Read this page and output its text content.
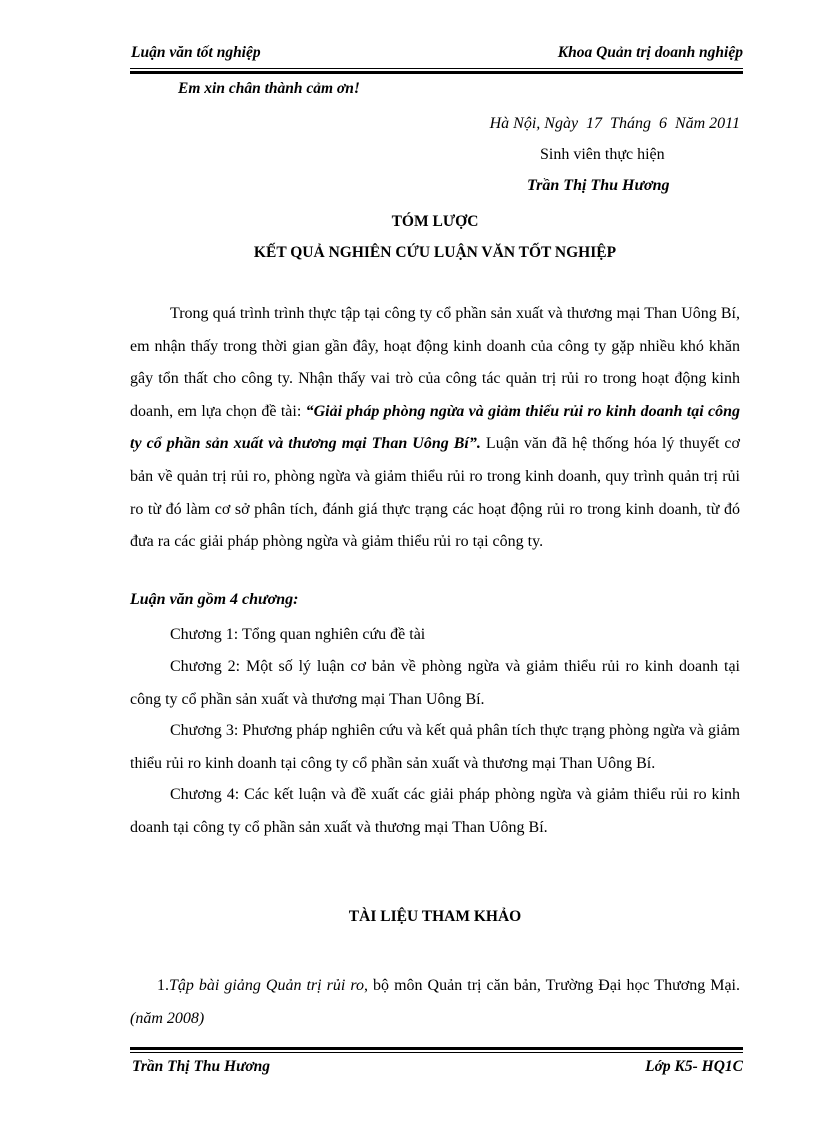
Luận văn tốt nghiệp	Khoa Quản trị doanh nghiệp
Em xin chân thành cảm ơn!
Hà Nội, Ngày  17  Tháng  6  Năm 2011
Sinh viên thực hiện
Trần Thị Thu Hương
TÓM LƯỢC
KẾT QUẢ NGHIÊN CỨU LUẬN VĂN TỐT NGHIỆP
Trong quá trình trình thực tập tại công ty cổ phần sản xuất và thương mại Than Uông Bí, em nhận thấy trong thời gian gần đây, hoạt động kinh doanh của công ty gặp nhiều khó khăn gây tổn thất cho công ty. Nhận thấy vai trò của công tác quản trị rủi ro trong hoạt động kinh doanh, em lựa chọn đề tài: “Giải pháp phòng ngừa và giảm thiểu rủi ro kinh doanh tại công ty cổ phần sản xuất và thương mại Than Uông Bí”. Luận văn đã hệ thống hóa lý thuyết cơ bản về quản trị rủi ro, phòng ngừa và giảm thiểu rủi ro trong kinh doanh, quy trình quản trị rủi ro từ đó làm cơ sở phân tích, đánh giá thực trạng các hoạt động rủi ro trong kinh doanh, từ đó đưa ra các giải pháp phòng ngừa và giảm thiểu rủi ro tại công ty.
Luận văn gồm 4 chương:
Chương 1: Tổng quan nghiên cứu đề tài
Chương 2: Một số lý luận cơ bản về phòng ngừa và giảm thiểu rủi ro kinh doanh tại công ty cổ phần sản xuất và thương mại Than Uông Bí.
Chương 3: Phương pháp nghiên cứu và kết quả phân tích thực trạng phòng ngừa và giảm thiểu rủi ro kinh doanh tại công ty cổ phần sản xuất và thương mại Than Uông Bí.
Chương 4: Các kết luận và đề xuất các giải pháp phòng ngừa và giảm thiểu rủi ro kinh doanh tại công ty cổ phần sản xuất và thương mại Than Uông Bí.
TÀI LIỆU THAM KHẢO
1.Tập bài giảng Quản trị rủi ro, bộ môn Quản trị căn bản, Trường Đại học Thương Mại. (năm 2008)
Trần Thị Thu Hương	Lớp K5- HQ1C
